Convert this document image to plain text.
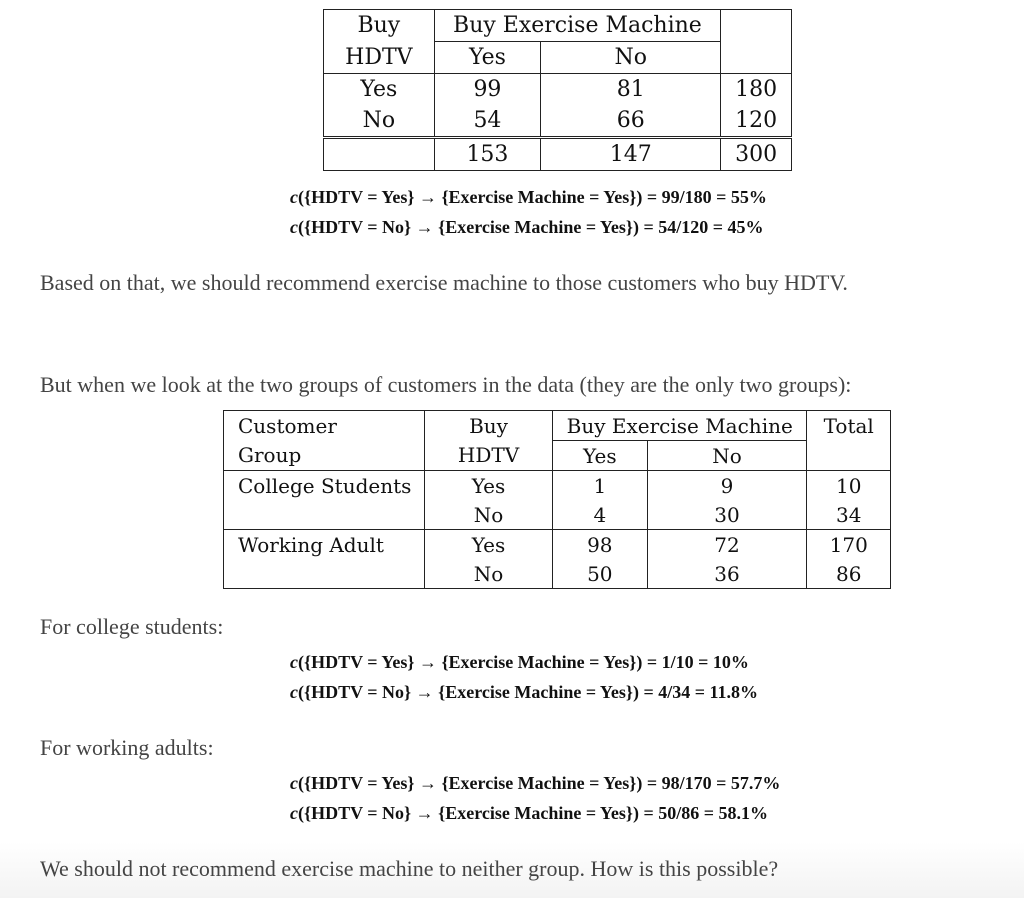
Buy	Buy Exercise Machine		
HDTV	Yes	No	
Yes	99	81	180
No	54	66	120
	153	147	300
c({HDTV = Yes} → {Exercise Machine = Yes}) = 99/180 = 55%
c({HDTV = No} → {Exercise Machine = Yes}) = 54/120 = 45%
Based on that, we should recommend exercise machine to those customers who buy HDTV.
But when we look at the two groups of customers in the data (they are the only two groups):
Customer	Buy	Buy Exercise Machine		Total
Group	HDTV	Yes	No	
College Students	Yes	1	9	10
	No	4	30	34
Working Adult	Yes	98	72	170
	No	50	36	86
For college students:
c({HDTV = Yes} → {Exercise Machine = Yes}) = 1/10 = 10%
c({HDTV = No} → {Exercise Machine = Yes}) = 4/34 = 11.8%
For working adults:
c({HDTV = Yes} → {Exercise Machine = Yes}) = 98/170 = 57.7%
c({HDTV = No} → {Exercise Machine = Yes}) = 50/86 = 58.1%
We should not recommend exercise machine to neither group. How is this possible?
